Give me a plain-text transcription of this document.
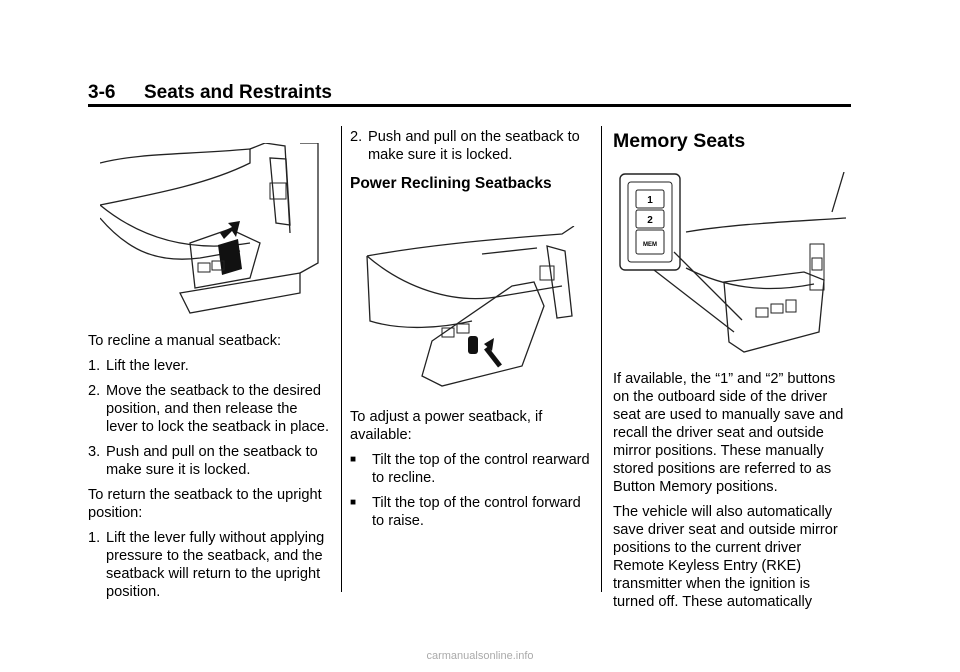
3-6 Seats and Restraints

To recline a manual seatback:

1. Lift the lever.

2. Move the seatback to the desired position, and then release the lever to lock the seatback in place.

3. Push and pull on the seatback to make sure it is locked.

To return the seatback to the upright position:

1. Lift the lever fully without applying pressure to the seatback, and the seatback will return to the upright position.

2. Push and pull on the seatback to make sure it is locked.

Power Reclining Seatbacks

To adjust a power seatback, if available:

■ Tilt the top of the control rearward to recline.

■ Tilt the top of the control forward to raise.

Memory Seats
1
2
MEM

If available, the “1” and “2” buttons on the outboard side of the driver seat are used to manually save and recall the driver seat and outside mirror positions. These manually stored positions are referred to as Button Memory positions.

The vehicle will also automatically save driver seat and outside mirror positions to the current driver Remote Keyless Entry (RKE) transmitter when the ignition is turned off. These automatically

carmanualsonline.info
